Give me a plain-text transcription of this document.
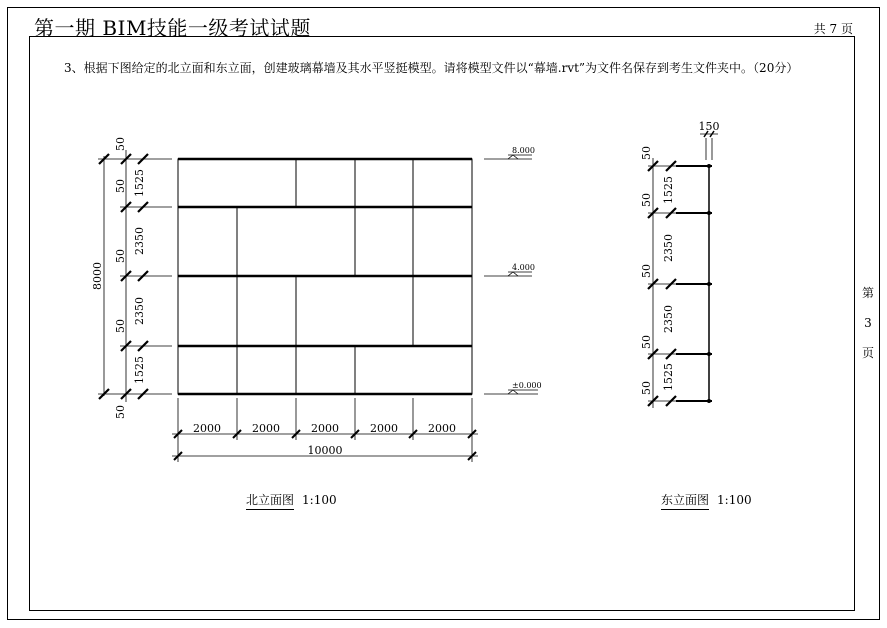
第一期 BIM技能一级考试试题	共 7 页
3、根据下图给定的北立面和东立面，创建玻璃幕墙及其水平竖挺模型。请将模型文件以“幕墙.rvt”为文件名保存到考生文件夹中。（20分）
第
3
页
北立面图 1:100	东立面图 1:100
50
50 1525
2350
50
2350
50
1525
50
8000
2000	2000	2000	2000	2000
10000
8.000
4.000
±0.000
150
50
1525
50
2350
50
2350
50
1525
50
